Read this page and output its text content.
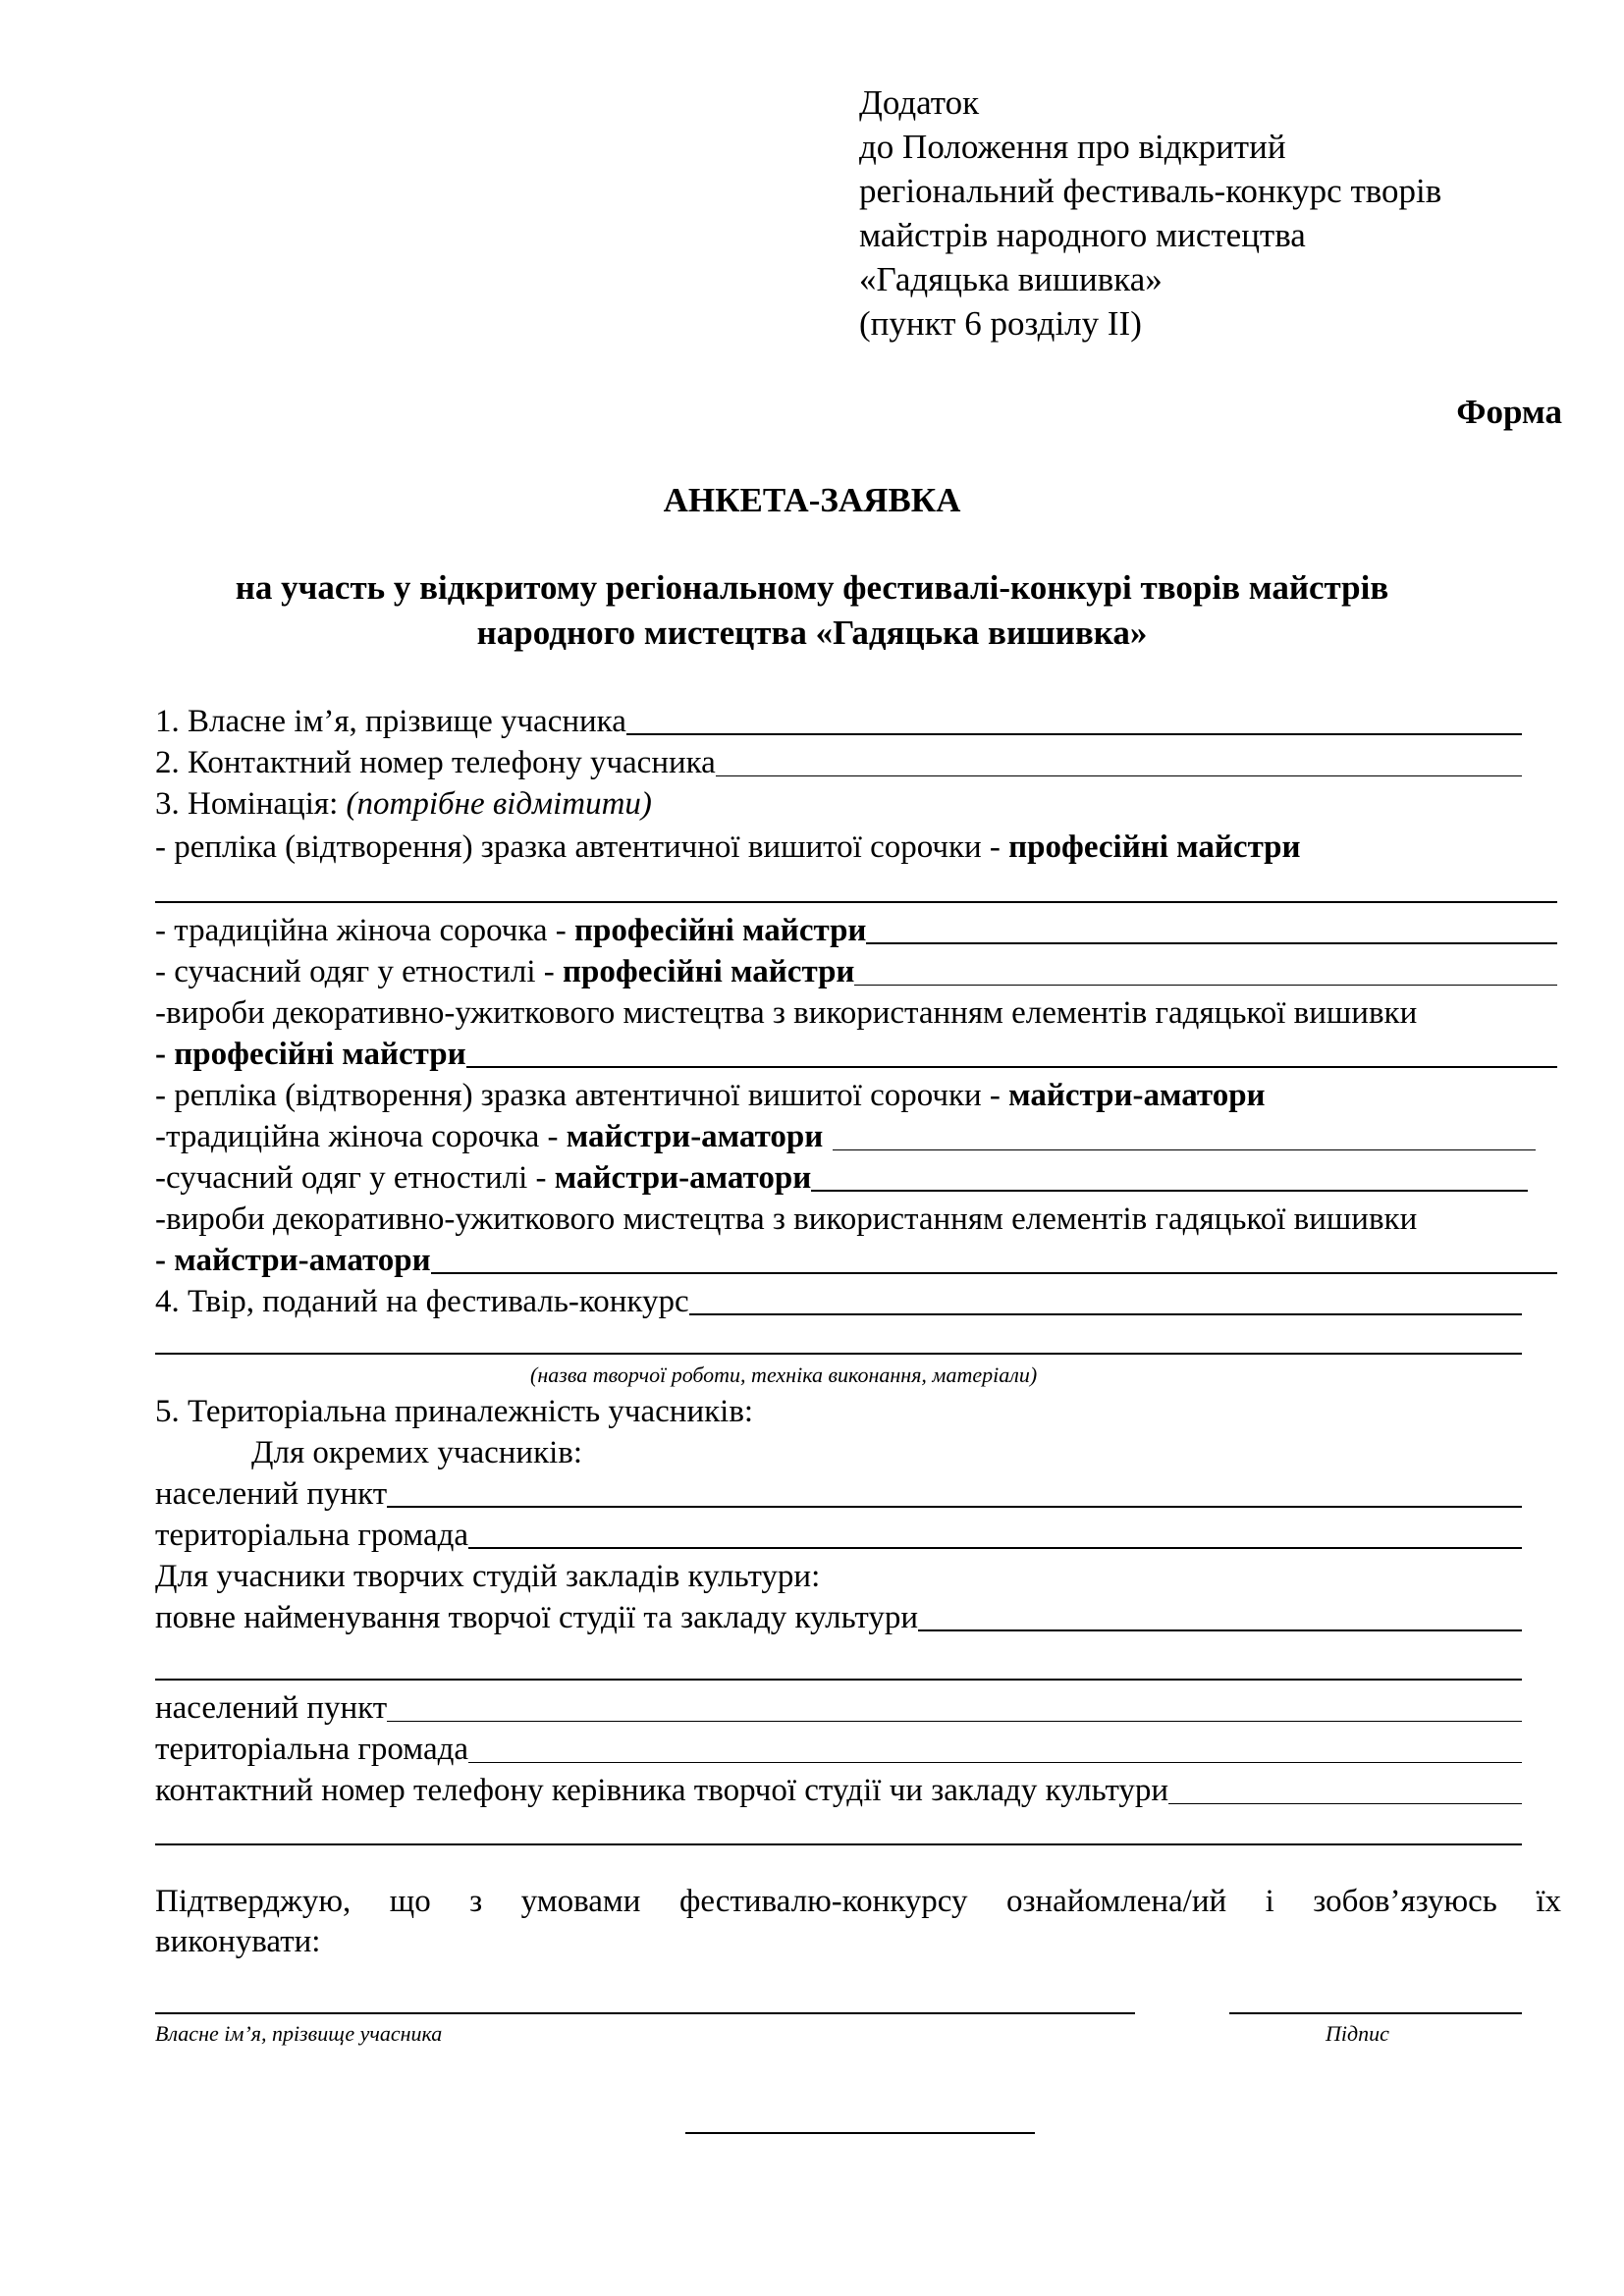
Додаток
до Положення про відкритий
регіональний фестиваль-конкурс творів
майстрів народного мистецтва
«Гадяцька вишивка»
(пункт 6 розділу II)
Форма
АНКЕТА-ЗАЯВКА
на участь у відкритому регіональному фестивалі-конкурі творів майстрів
народного мистецтва «Гадяцька вишивка»
1. Власне ім’я, прізвище учасника
2. Контактний номер телефону учасника
3. Номінація: (потрібне відмітити)
- репліка (відтворення) зразка автентичної вишитої сорочки - професійні майстри
- традиційна жіноча сорочка - професійні майстри
- сучасний одяг у етностилі - професійні майстри
-вироби декоративно-ужиткового мистецтва з використанням елементів гадяцької вишивки
- професійні майстри
- репліка (відтворення) зразка автентичної вишитої сорочки - майстри-аматори
-традиційна жіноча сорочка - майстри-аматори
-сучасний одяг у етностилі - майстри-аматори
-вироби декоративно-ужиткового мистецтва з використанням елементів гадяцької вишивки
- майстри-аматори
4. Твір, поданий на фестиваль-конкурс
(назва творчої роботи, техніка виконання, матеріали)
5. Територіальна приналежність учасників:
Для окремих учасників:
населений пункт
територіальна громада
Для учасники творчих студій закладів культури:
повне найменування творчої студії та закладу культури
населений пункт
територіальна громада
контактний номер телефону керівника творчої студії чи закладу культури
Підтверджую, що з умовами фестивалю-конкурсу ознайомлена/ий і зобов’язуюсь їх
виконувати:
Власне ім’я, прізвище учасника	Підпис
